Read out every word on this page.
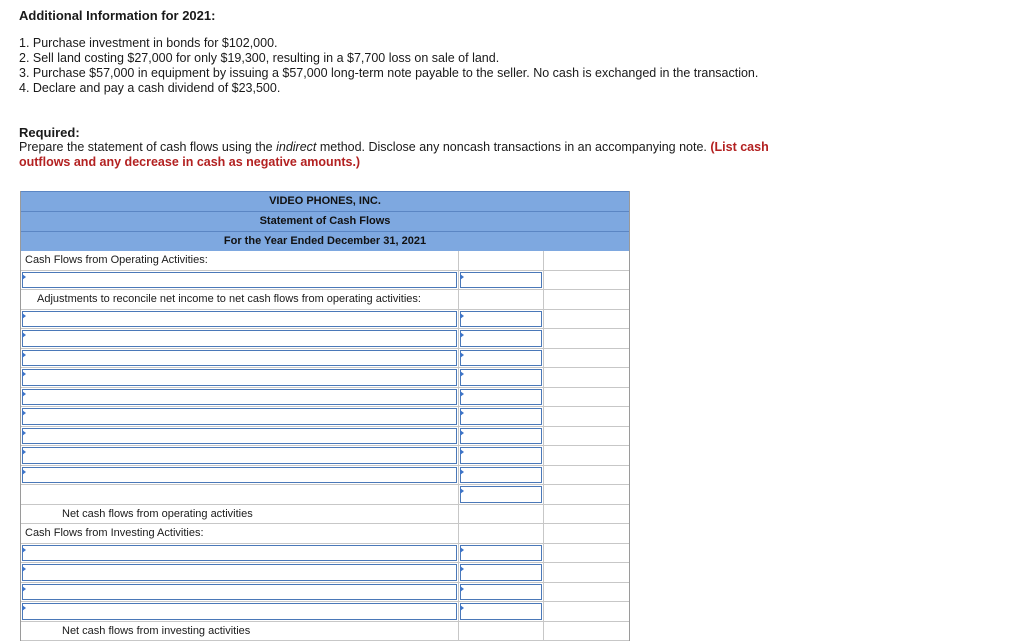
Additional Information for 2021:
1. Purchase investment in bonds for $102,000.
2. Sell land costing $27,000 for only $19,300, resulting in a $7,700 loss on sale of land.
3. Purchase $57,000 in equipment by issuing a $57,000 long-term note payable to the seller. No cash is exchanged in the transaction.
4. Declare and pay a cash dividend of $23,500.
Required:
Prepare the statement of cash flows using the indirect method. Disclose any noncash transactions in an accompanying note. (List cash outflows and any decrease in cash as negative amounts.)
VIDEO PHONES, INC.
Statement of Cash Flows
For the Year Ended December 31, 2021
Cash Flows from Operating Activities:
Adjustments to reconcile net income to net cash flows from operating activities:
Net cash flows from operating activities
Cash Flows from Investing Activities:
Net cash flows from investing activities
